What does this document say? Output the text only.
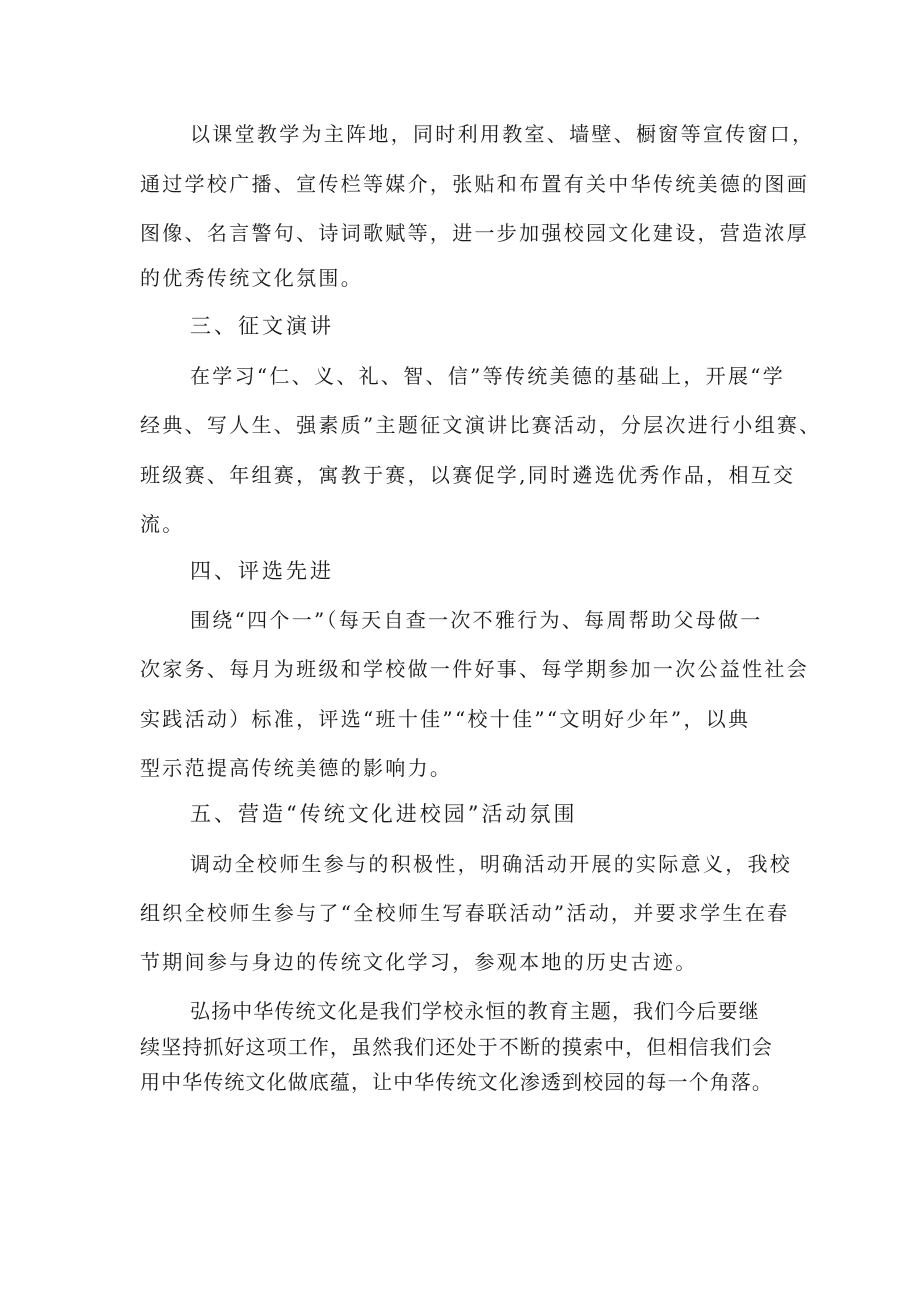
以课堂教学为主阵地，同时利用教室、墙壁、橱窗等宣传窗口，
通过学校广播、宣传栏等媒介，张贴和布置有关中华传统美德的图画
图像、名言警句、诗词歌赋等，进一步加强校园文化建设，营造浓厚
的优秀传统文化氛围。
三、征文演讲
在学习“仁、义、礼、智、信”等传统美德的基础上，开展“学
经典、写人生、强素质”主题征文演讲比赛活动，分层次进行小组赛、
班级赛、年组赛，寓教于赛，以赛促学,同时遴选优秀作品，相互交
流。
四、评选先进
围绕“四个一”（每天自查一次不雅行为、每周帮助父母做一
次家务、每月为班级和学校做一件好事、每学期参加一次公益性社会
实践活动）标准，评选“班十佳”“校十佳”“文明好少年”，以典
型示范提高传统美德的影响力。
五、营造“传统文化进校园”活动氛围
调动全校师生参与的积极性，明确活动开展的实际意义，我校
组织全校师生参与了“全校师生写春联活动”活动，并要求学生在春
节期间参与身边的传统文化学习，参观本地的历史古迹。
弘扬中华传统文化是我们学校永恒的教育主题，我们今后要继
续坚持抓好这项工作，虽然我们还处于不断的摸索中，但相信我们会
用中华传统文化做底蕴，让中华传统文化渗透到校园的每一个角落。
